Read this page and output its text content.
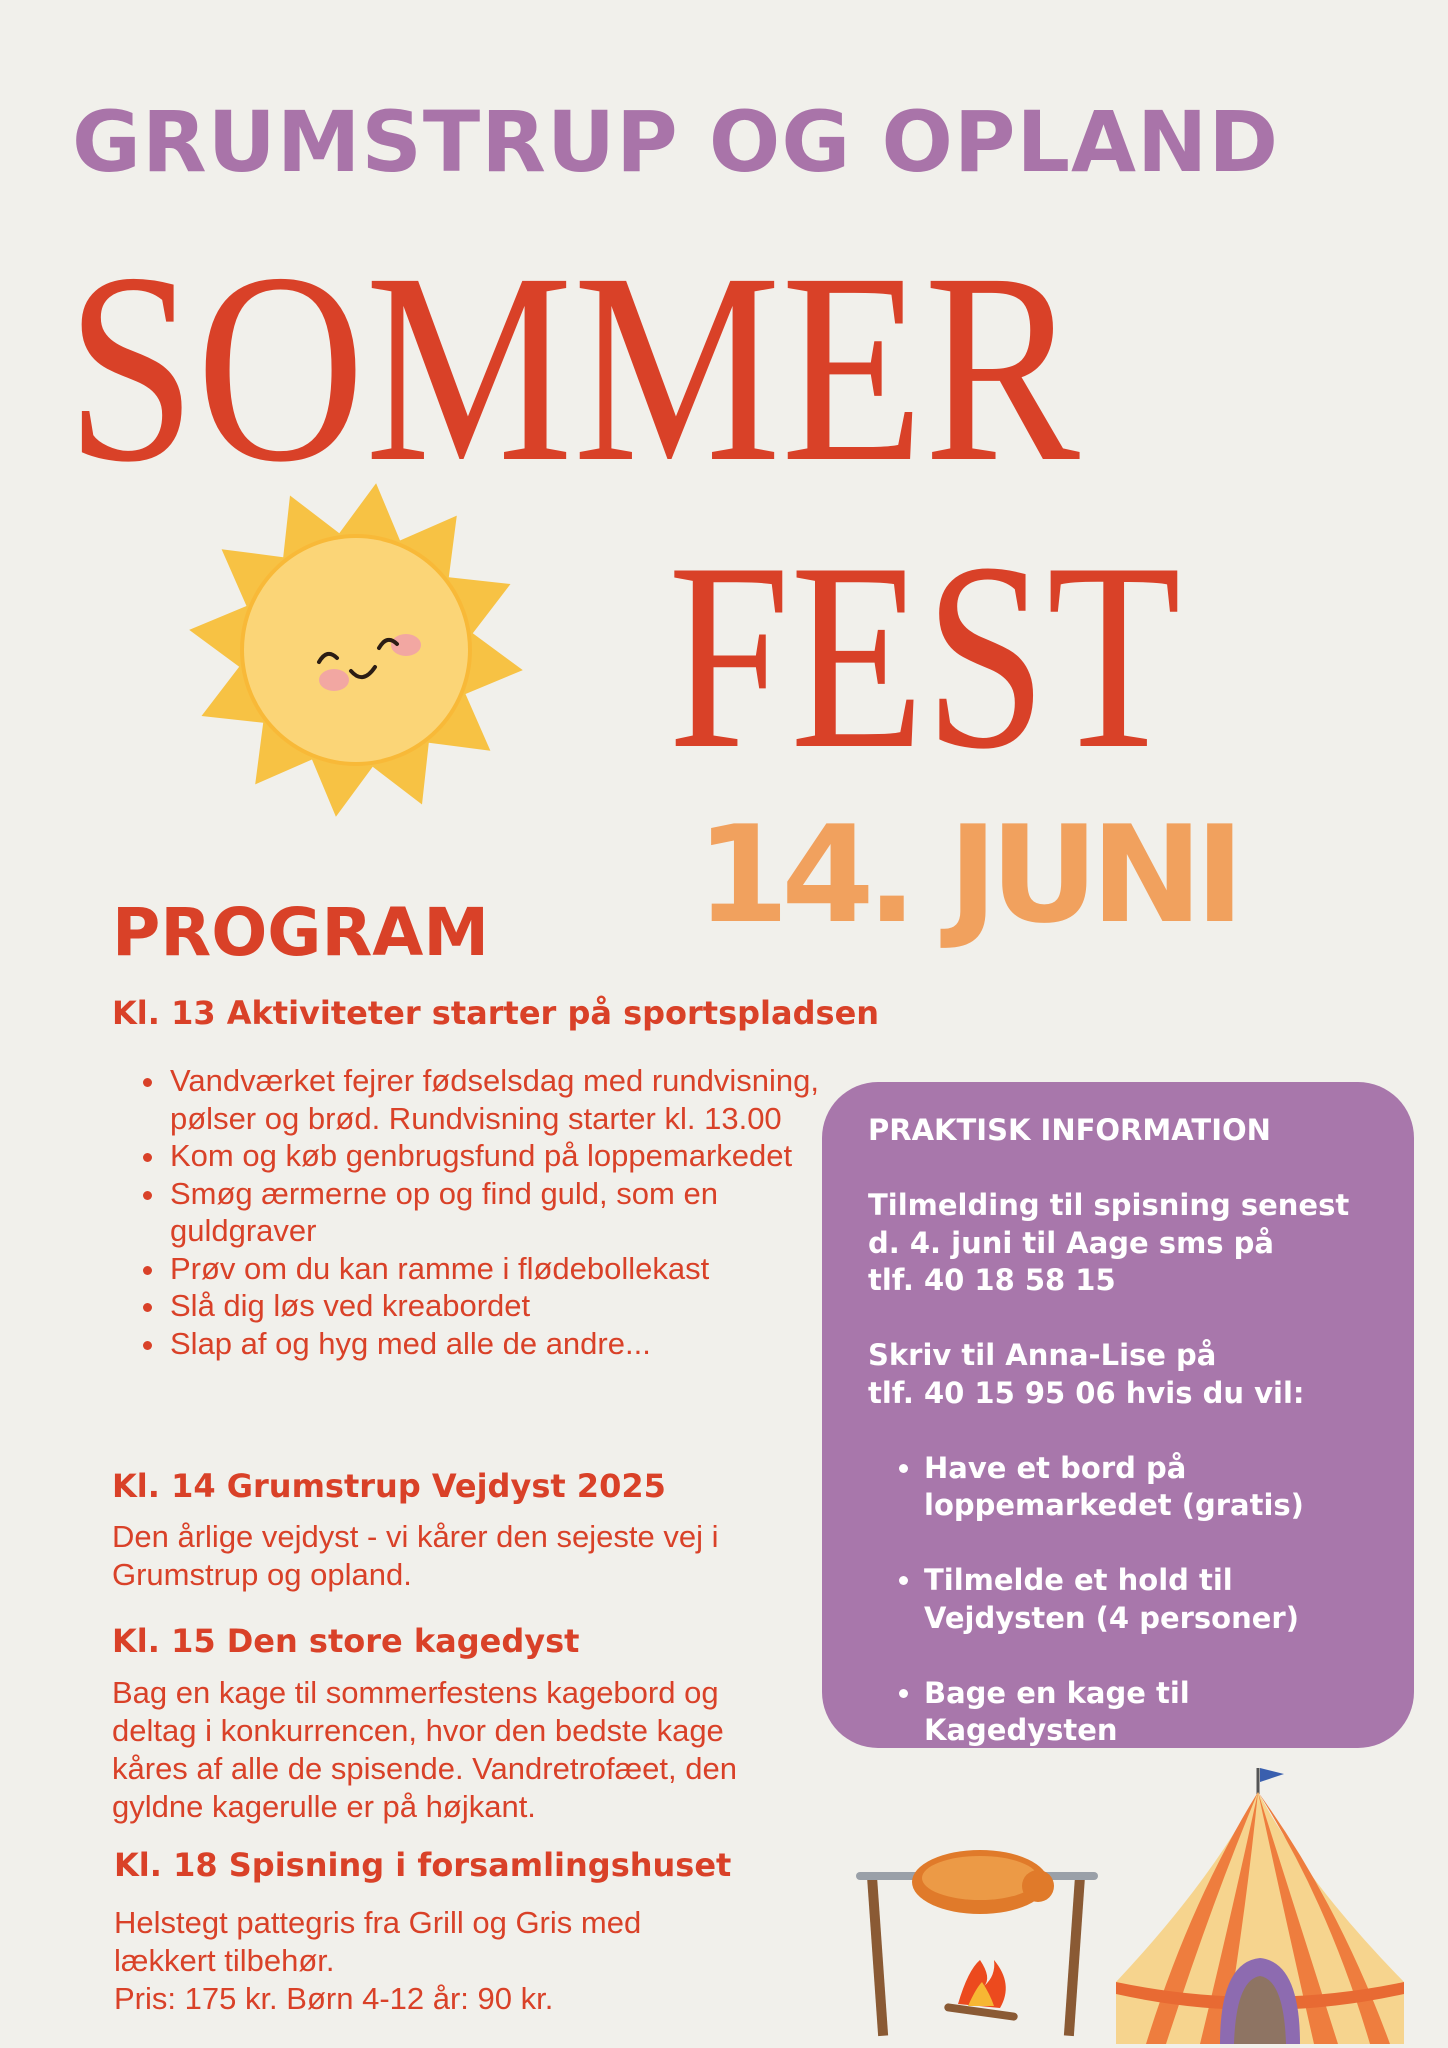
GRUMSTRUP OG OPLAND
SOMMER
FEST
14. JUNI
PROGRAM
Kl. 13 Aktiviteter starter på sportspladsen
• Vandværket fejrer fødselsdag med rundvisning, pølser og brød. Rundvisning starter kl. 13.00
• Kom og køb genbrugsfund på loppemarkedet
• Smøg ærmerne op og find guld, som en guldgraver
• Prøv om du kan ramme i flødebollekast
• Slå dig løs ved kreabordet
• Slap af og hyg med alle de andre...
Kl. 14 Grumstrup Vejdyst 2025

Den årlige vejdyst - vi kårer den sejeste vej i Grumstrup og opland.

Kl. 15 Den store kagedyst

Bag en kage til sommerfestens kagebord og deltag i konkurrencen, hvor den bedste kage kåres af alle de spisende. Vandretrofæet, den gyldne kagerulle er på højkant.

Kl. 18 Spisning i forsamlingshuset

Helstegt pattegris fra Grill og Gris med

lækkert tilbehør.

Pris: 175 kr. Børn 4-12 år: 90 kr.

PRAKTISK INFORMATION

Tilmelding til spisning senest
d. 4. juni til Aage sms på
tlf. 40 18 58 15

Skriv til Anna-Lise på
tlf. 40 15 95 06 hvis du vil:

• Have et bord på
loppemarkedet (gratis)
• Tilmelde et hold til
Vejdysten (4 personer)
• Bage en kage til Kagedysten
